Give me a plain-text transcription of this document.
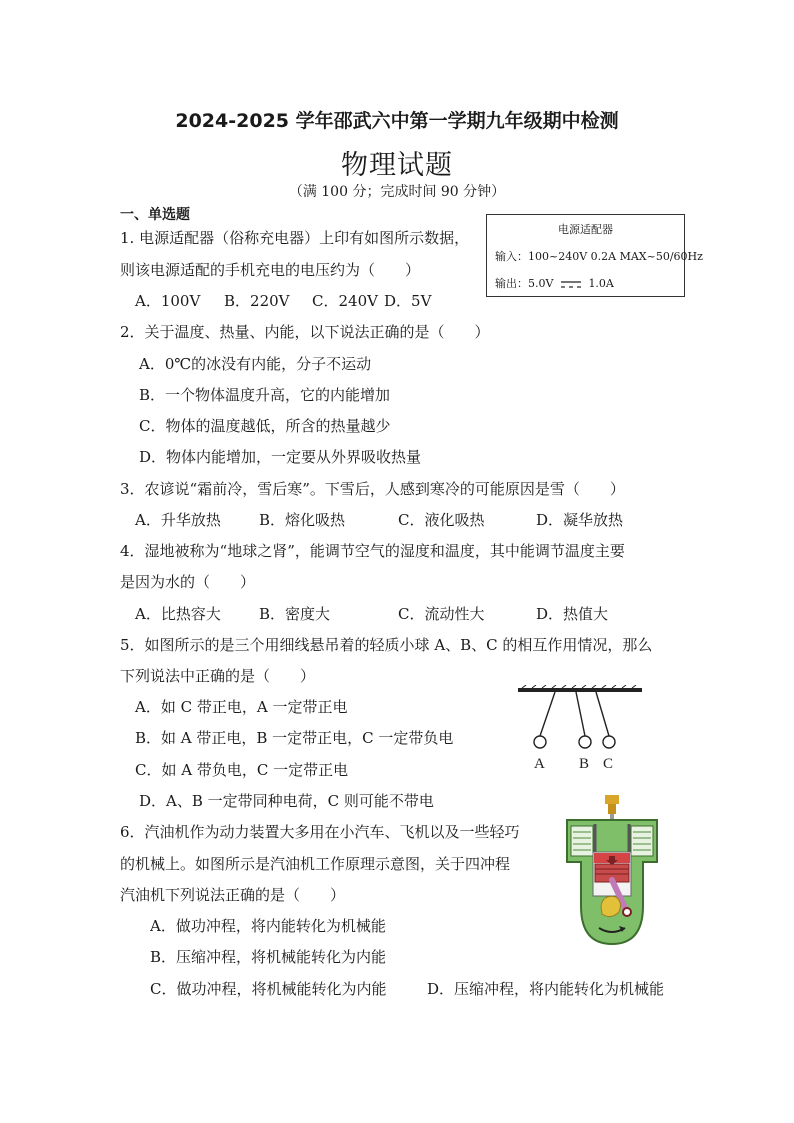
2024-2025 学年邵武六中第一学期九年级期中检测
物理试题
（满 100 分；完成时间 90 分钟）
一、单选题
1. 电源适配器（俗称充电器）上印有如图所示数据，
则该电源适配的手机充电的电压约为（　　）
A．100V B．220V C．240V D．5V
电源适配器
输入：100~240V 0.2A MAX~50/60Hz
输出：5.0V	1.0A
2．关于温度、热量、内能，以下说法正确的是（　　）
A．0℃的冰没有内能，分子不运动
B．一个物体温度升高，它的内能增加
C．物体的温度越低，所含的热量越少
D．物体内能增加，一定要从外界吸收热量
3．农谚说“霜前冷，雪后寒”。下雪后，人感到寒冷的可能原因是雪（　　）
A．升华放热	B．熔化吸热	C．液化吸热	D．凝华放热
4．湿地被称为“地球之肾”，能调节空气的湿度和温度，其中能调节温度主要
是因为水的（　　）
A．比热容大	B．密度大	C．流动性大	D．热值大
5．如图所示的是三个用细线悬吊着的轻质小球 A、B、C 的相互作用情况，那么
下列说法中正确的是（　　）
A．如 C 带正电，A 一定带正电
B．如 A 带正电，B 一定带正电，C 一定带负电
C．如 A 带负电，C 一定带正电
D．A、B 一定带同种电荷，C 则可能不带电
A B C
6．汽油机作为动力装置大多用在小汽车、飞机以及一些轻巧
的机械上。如图所示是汽油机工作原理示意图，关于四冲程
汽油机下列说法正确的是（　　）
A．做功冲程，将内能转化为机械能
B．压缩冲程，将机械能转化为内能
C．做功冲程，将机械能转化为内能	D．压缩冲程，将内能转化为机械能
